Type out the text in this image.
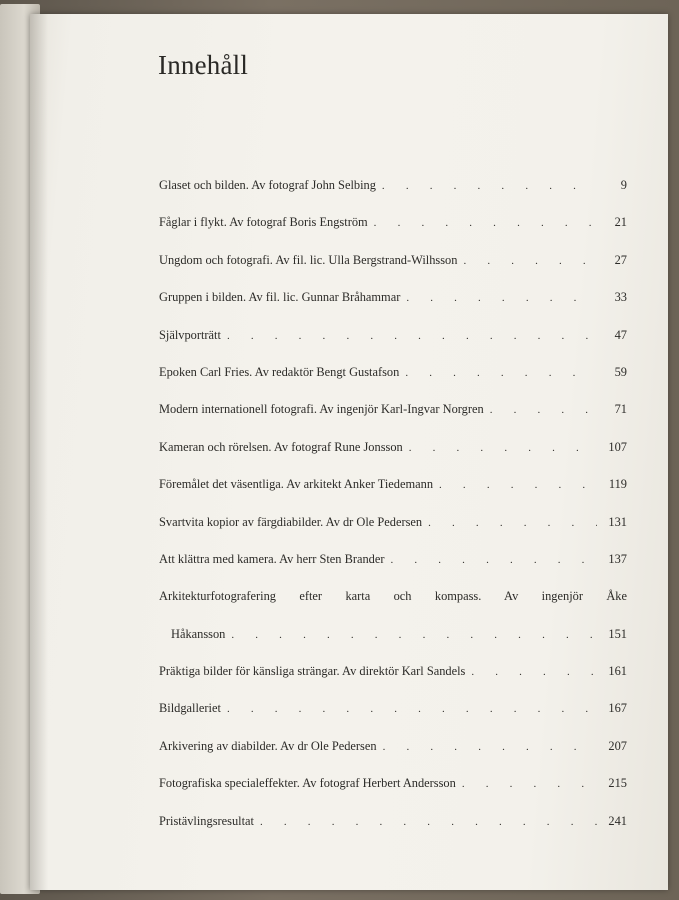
Innehåll
Glaset och bilden. Av fotograf John Selbing . . .	9
Fåglar i flykt. Av fotograf Boris Engström . . .	21
Ungdom och fotografi. Av fil. lic. Ulla Bergstrand-Wilhsson . . .	27
Gruppen i bilden. Av fil. lic. Gunnar Bråhammar . . .	33
Självporträtt . . .	47
Epoken Carl Fries. Av redaktör Bengt Gustafson . . .	59
Modern internationell fotografi. Av ingenjör Karl-Ingvar Norgren . . .	71
Kameran och rörelsen. Av fotograf Rune Jonsson . . .	107
Föremålet det väsentliga. Av arkitekt Anker Tiedemann . . .	119
Svartvita kopior av färgdiabilder. Av dr Ole Pedersen . . .	131
Att klättra med kamera. Av herr Sten Brander . . .	137
Arkitekturfotografering efter karta och kompass. Av ingenjör Åke
Håkansson . . .	151
Präktiga bilder för känsliga strängar. Av direktör Karl Sandels . . .	161
Bildgalleriet . . .	167
Arkivering av diabilder. Av dr Ole Pedersen . . .	207
Fotografiska specialeffekter. Av fotograf Herbert Andersson . . .	215
Pristävlingsresultat . . .	241
